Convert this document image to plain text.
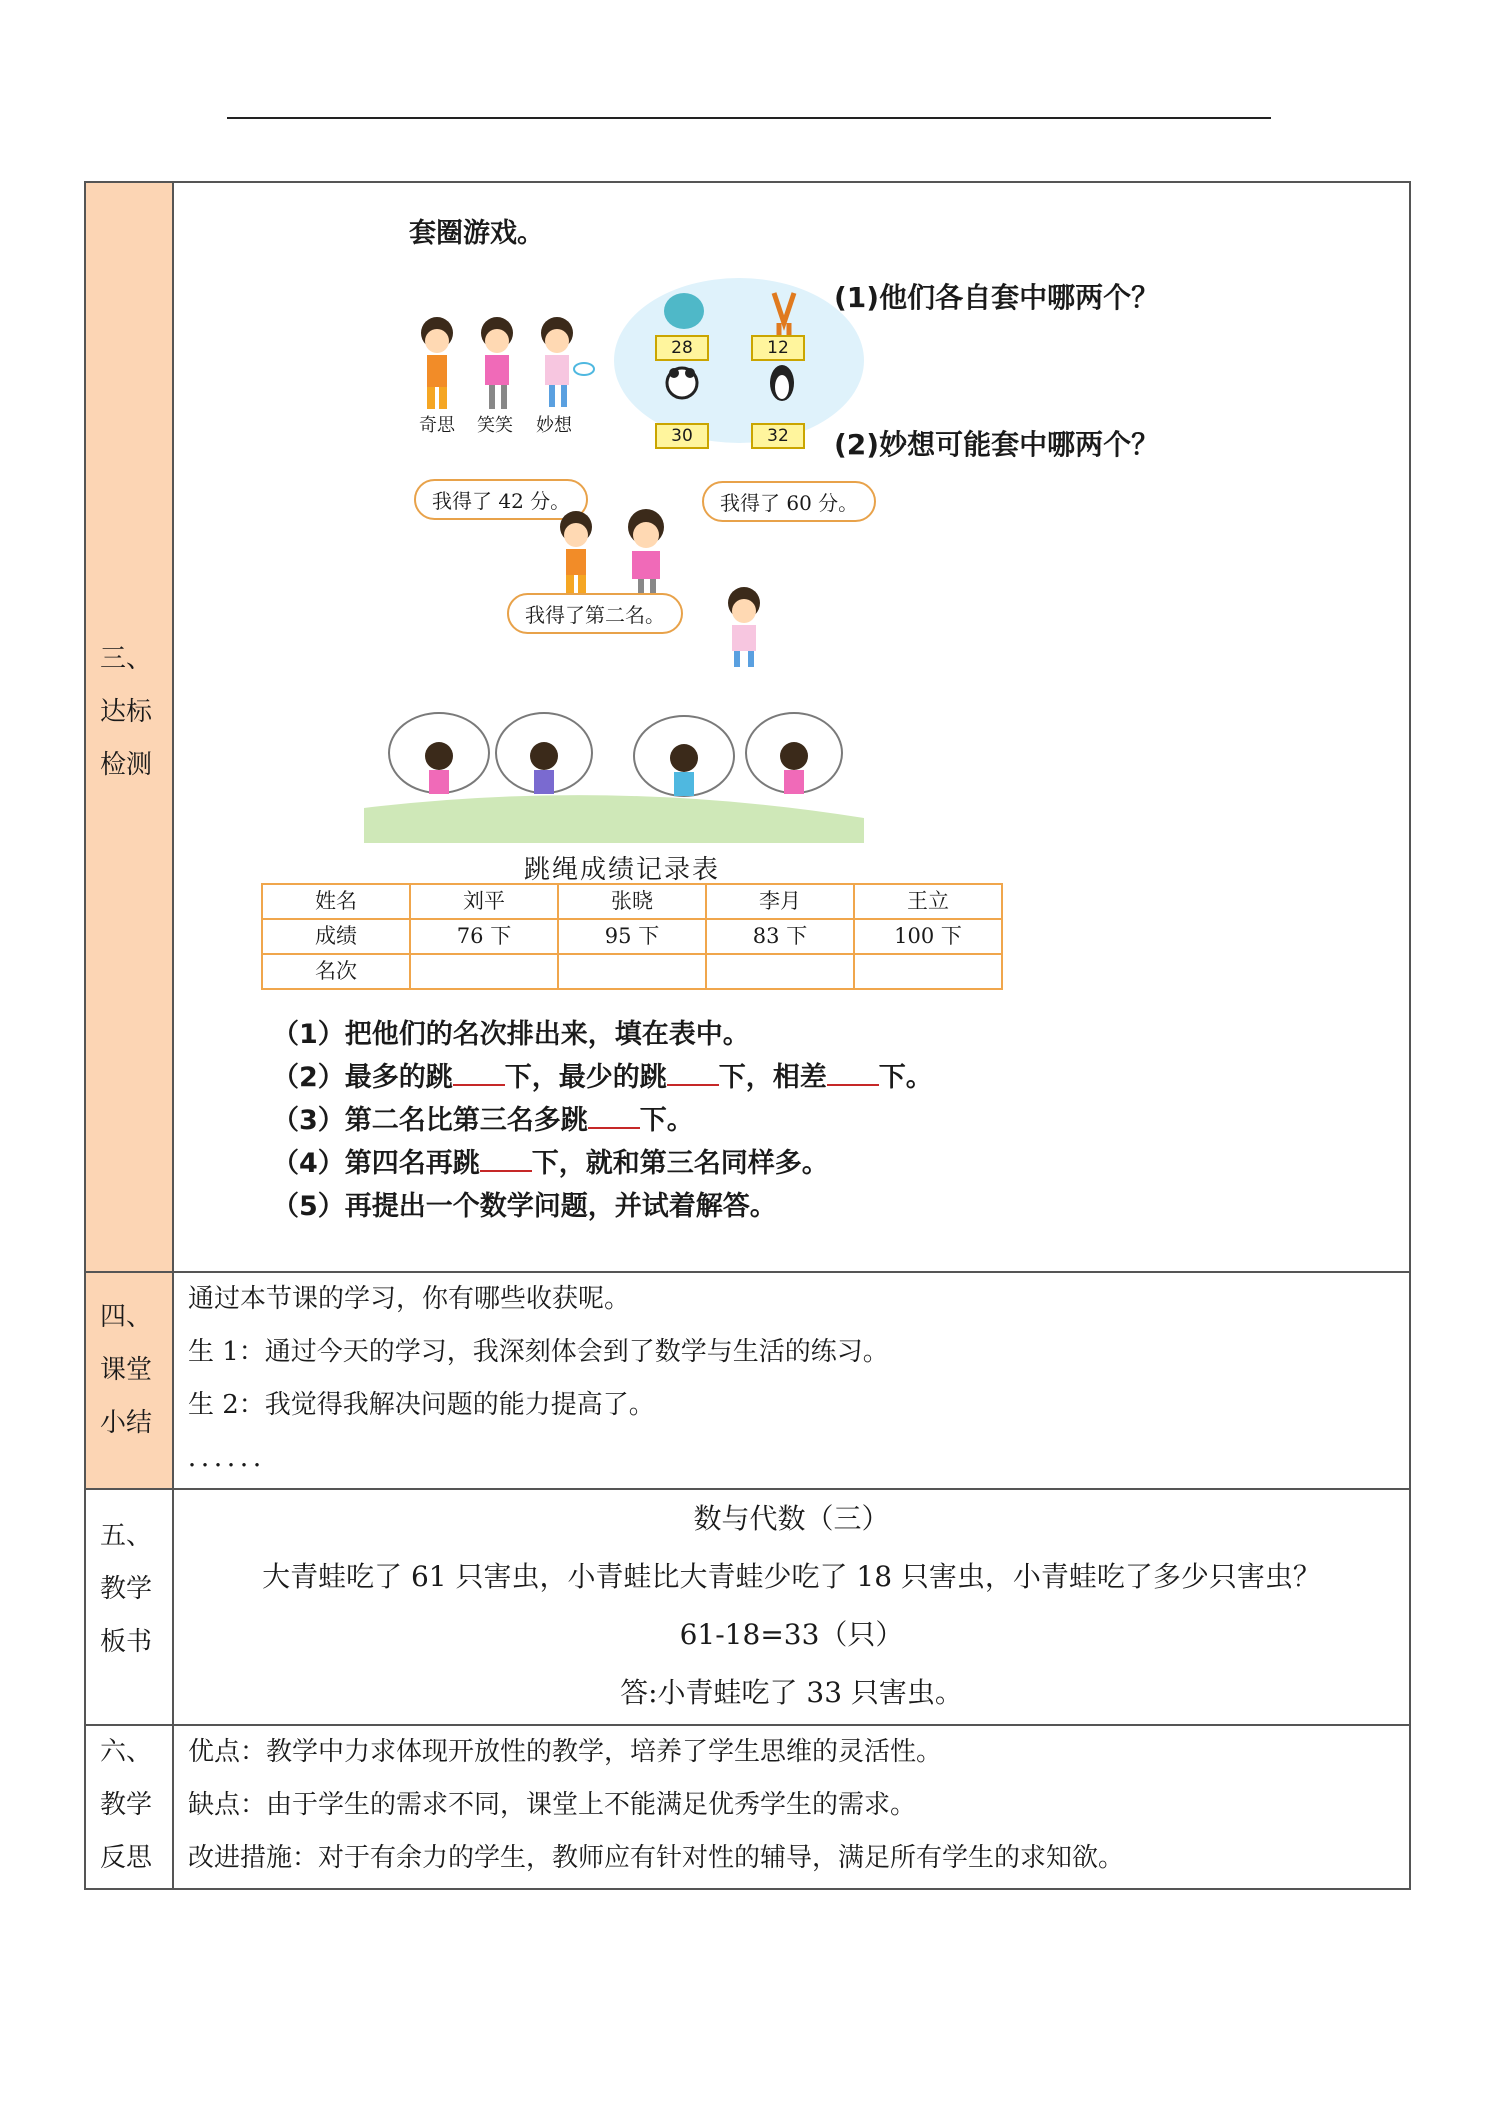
三、
达标
检测

套圈游戏。
奇思 笑笑 妙想
28	12
30	32
(1)他们各自套中哪两个？
(2)妙想可能套中哪两个？
我得了 42 分。	我得了 60 分。
我得了第二名。
跳绳成绩记录表
姓名	刘平	张晓	李月	王立
成绩	76 下	95 下	83 下	100 下
名次				
（1）把他们的名次排出来，填在表中。
（2）最多的跳 下，最少的跳 下，相差 下。
（3）第二名比第三名多跳 下。
（4）第四名再跳 下，就和第三名同样多。
（5）再提出一个数学问题，并试着解答。

四、
课堂
小结

通过本节课的学习，你有哪些收获呢。
生 1：通过今天的学习，我深刻体会到了数学与生活的练习。
生 2：我觉得我解决问题的能力提高了。
．．．．．．

五、
教学
板书

数与代数（三）
大青蛙吃了 61 只害虫，小青蛙比大青蛙少吃了 18 只害虫，小青蛙吃了多少只害虫？
61-18=33（只）
答:小青蛙吃了 33 只害虫。

六、
教学
反思

优点：教学中力求体现开放性的教学，培养了学生思维的灵活性。
缺点：由于学生的需求不同，课堂上不能满足优秀学生的需求。
改进措施：对于有余力的学生，教师应有针对性的辅导，满足所有学生的求知欲。
